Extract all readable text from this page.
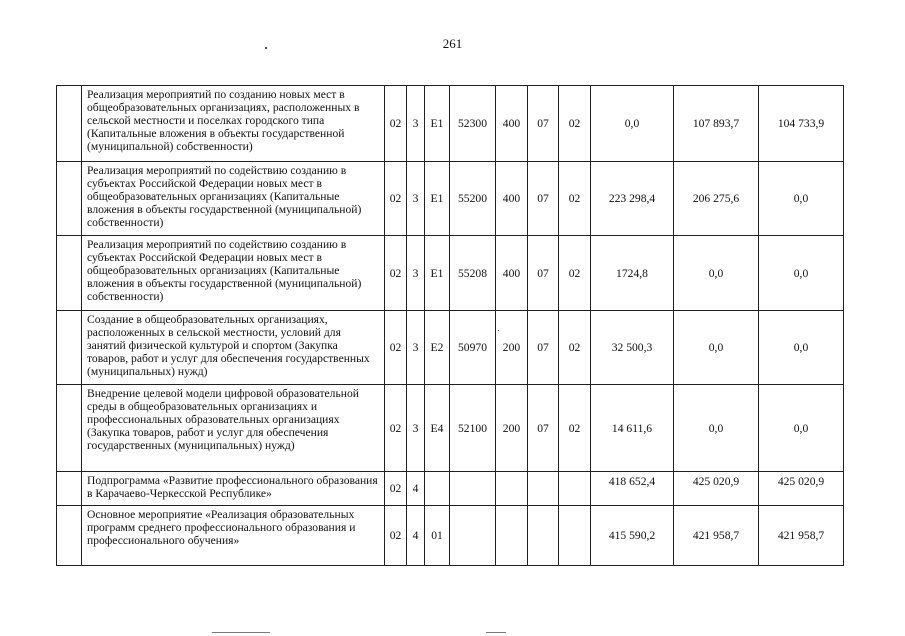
261
	Реализация мероприятий по созданию новых мест в общеобразовательных организациях, расположенных в сельской местности и поселках городского типа (Капитальные вложения в объекты государственной (муниципальной) собственности)	02	3	E1	52300	400	07	02	0,0	107 893,7	104 733,9
	Реализация мероприятий по содействию созданию в субъектах Российской Федерации новых мест в общеобразовательных организациях (Капитальные вложения в объекты государственной (муниципальной) собственности)	02	3	E1	55200	400	07	02	223 298,4	206 275,6	0,0
	Реализация мероприятий по содействию созданию в субъектах Российской Федерации новых мест в общеобразовательных организациях (Капитальные вложения в объекты государственной (муниципальной) собственности)	02	3	E1	55208	400	07	02	1724,8	0,0	0,0
	Создание в общеобразовательных организациях, расположенных в сельской местности, условий для занятий физической культурой и спортом (Закупка товаров, работ и услуг для обеспечения государственных (муниципальных) нужд)	02	3	E2	50970	200	07	02	32 500,3	0,0	0,0
	Внедрение целевой модели цифровой образовательной среды в общеобразовательных организациях и профессиональных образовательных организациях (Закупка товаров, работ и услуг для обеспечения государственных (муниципальных) нужд)	02	3	E4	52100	200	07	02	14 611,6	0,0	0,0
	Подпрограмма «Развитие профессионального образования в Карачаево-Черкесской Республике»	02	4						418 652,4	425 020,9	425 020,9
	Основное мероприятие «Реализация образовательных программ среднего профессионального образования и профессионального обучения»	02	4	01					415 590,2	421 958,7	421 958,7
